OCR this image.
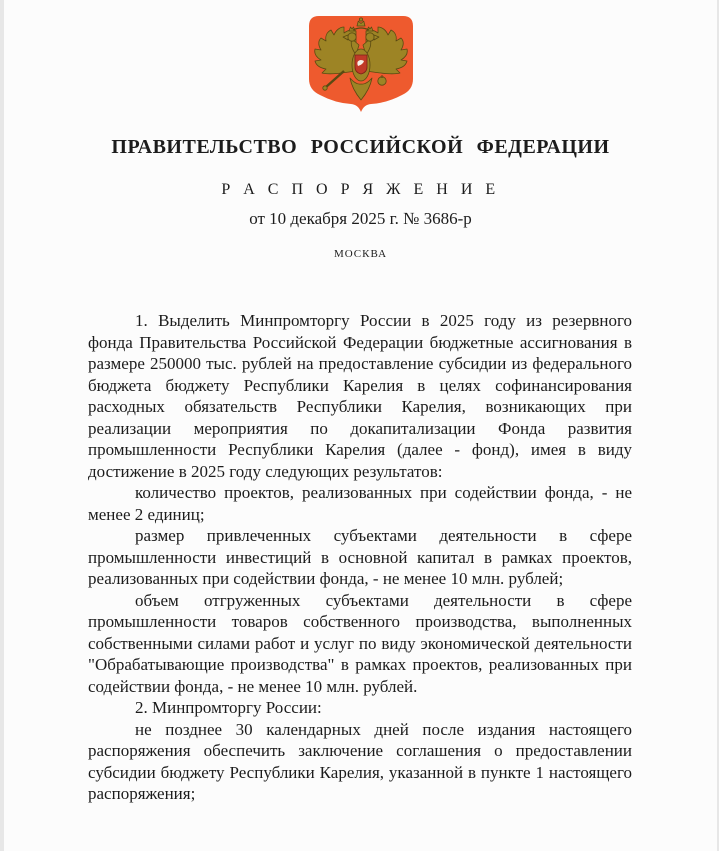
ПРАВИТЕЛЬСТВО РОССИЙСКОЙ ФЕДЕРАЦИИ
Р А С П О Р Я Ж Е Н И Е
от 10 декабря 2025 г. № 3686-р
МОСКВА

1. Выделить Минпромторгу России в 2025 году из резервного фонда Правительства Российской Федерации бюджетные ассигнования в размере 250000 тыс. рублей на предоставление субсидии из федерального бюджета бюджету Республики Карелия в целях софинансирования расходных обязательств Республики Карелия, возникающих при реализации мероприятия по докапитализации Фонда развития промышленности Республики Карелия (далее - фонд), имея в виду достижение в 2025 году следующих результатов:

количество проектов, реализованных при содействии фонда, - не менее 2 единиц;

размер привлеченных субъектами деятельности в сфере промышленности инвестиций в основной капитал в рамках проектов, реализованных при содействии фонда, - не менее 10 млн. рублей;

объем отгруженных субъектами деятельности в сфере промышленности товаров собственного производства, выполненных собственными силами работ и услуг по виду экономической деятельности "Обрабатывающие производства" в рамках проектов, реализованных при содействии фонда, - не менее 10 млн. рублей.

2. Минпромторгу России:

не позднее 30 календарных дней после издания настоящего распоряжения обеспечить заключение соглашения о предоставлении субсидии бюджету Республики Карелия, указанной в пункте 1 настоящего распоряжения;
